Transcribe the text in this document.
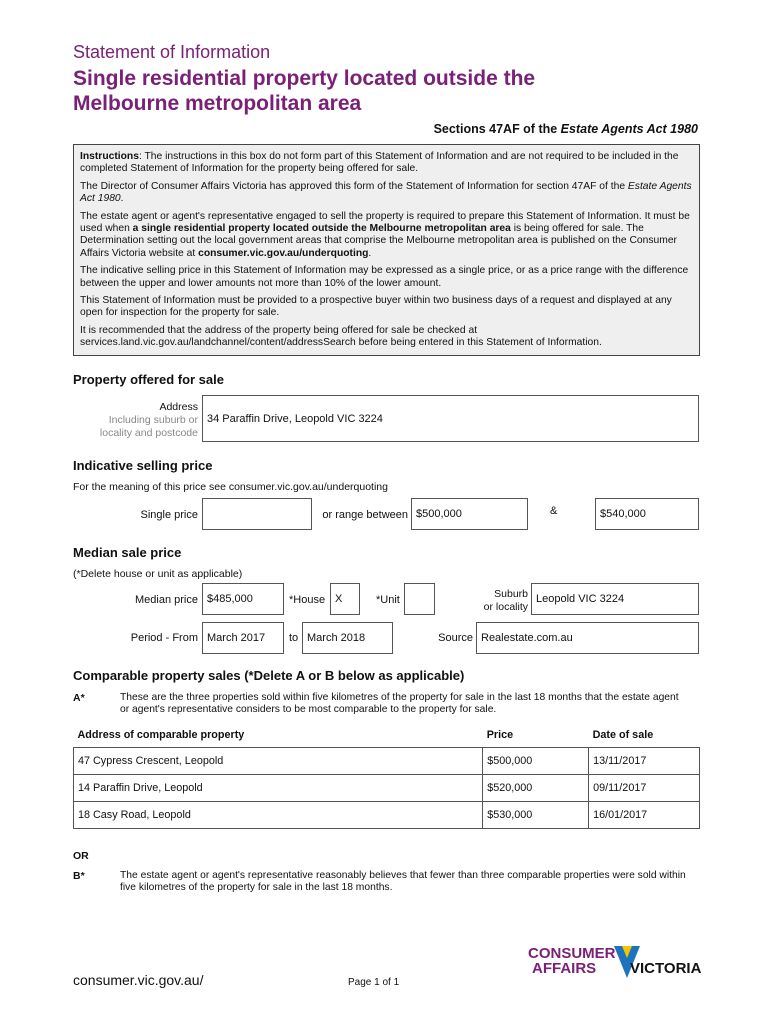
Statement of Information
Single residential property located outside the
Melbourne metropolitan area
Sections 47AF of the Estate Agents Act 1980

Instructions: The instructions in this box do not form part of this Statement of Information and are not required to be included in the completed Statement of Information for the property being offered for sale.

The Director of Consumer Affairs Victoria has approved this form of the Statement of Information for section 47AF of the Estate Agents Act 1980.

The estate agent or agent's representative engaged to sell the property is required to prepare this Statement of Information. It must be used when a single residential property located outside the Melbourne metropolitan area is being offered for sale. The Determination setting out the local government areas that comprise the Melbourne metropolitan area is published on the Consumer Affairs Victoria website at consumer.vic.gov.au/underquoting.

The indicative selling price in this Statement of Information may be expressed as a single price, or as a price range with the difference between the upper and lower amounts not more than 10% of the lower amount.

This Statement of Information must be provided to a prospective buyer within two business days of a request and displayed at any open for inspection for the property for sale.

It is recommended that the address of the property being offered for sale be checked at services.land.vic.gov.au/landchannel/content/addressSearch before being entered in this Statement of Information.

Property offered for sale
Address
Including suburb or
locality and postcode
34 Paraffin Drive, Leopold VIC 3224
Indicative selling price
For the meaning of this price see consumer.vic.gov.au/underquoting
Single price	or range between $500,000	&	$540,000
Median sale price
(*Delete house or unit as applicable)
Median price $485,000	*House X	*Unit	Suburb
or locality
Leopold VIC 3224
Period - From March 2017	to March 2018	Source Realestate.com.au
Comparable property sales (*Delete A or B below as applicable)
A*	These are the three properties sold within five kilometres of the property for sale in the last 18 months that the estate agent or agent's representative considers to be most comparable to the property for sale.
Address of comparable property	Price	Date of sale
47 Cypress Crescent, Leopold	$500,000	13/11/2017
14 Paraffin Drive, Leopold	$520,000	09/11/2017
18 Casy Road, Leopold	$530,000	16/01/2017
OR
B*	The estate agent or agent's representative reasonably believes that fewer than three comparable properties were sold within five kilometres of the property for sale in the last 18 months.
consumer.vic.gov.au/	Page 1 of 1
CONSUMER
AFFAIRS VICTORIA
